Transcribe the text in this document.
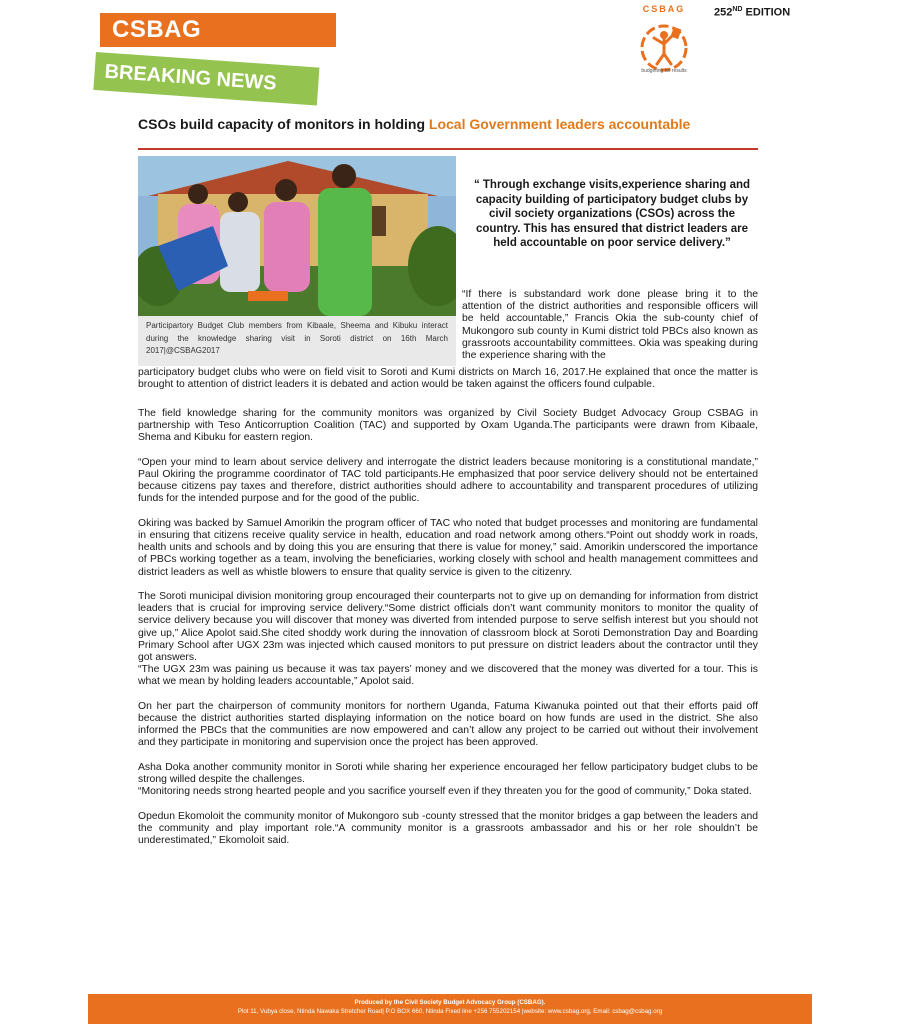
CSBAG
BREAKING NEWS
CSBAG
budgeting for results
252ND EDITION
CSOs build capacity of monitors in holding Local Government leaders accountable
Participartory Budget Club members from Kibaale, Sheema and Kibuku interact during the knowledge sharing visit in Soroti district on 16th March 2017|@CSBAG2017
“ Through exchange visits,experience sharing and capacity building of participatory budget clubs by civil society organizations (CSOs) across the country. This has ensured that district leaders are held accountable on poor service delivery.”

“If there is substandard work done please bring it to the attention of the district authorities and responsible officers will be held accountable,” Francis Okia the sub-county chief of Mukongoro sub county in Kumi district told PBCs also known as grassroots accountability committees. Okia was speaking during the experience sharing with the

participatory budget clubs who were on field visit to Soroti and Kumi districts on March 16, 2017.He explained that once the matter is brought to attention of district leaders it is debated and action would be taken against the officers found culpable.

The field knowledge sharing for the community monitors was organized by Civil Society Budget Advocacy Group CSBAG in partnership with Teso Anticorruption Coalition (TAC) and supported by Oxam Uganda.The participants were drawn from Kibaale, Shema and Kibuku for eastern region.

“Open your mind to learn about service delivery and interrogate the district leaders because monitoring is a constitutional mandate,” Paul Okiring the programme coordinator of TAC told participants.He emphasized that poor service delivery should not be entertained because citizens pay taxes and therefore, district authorities should adhere to accountability and transparent procedures of utilizing funds for the intended purpose and for the good of the public.

Okiring was backed by Samuel Amorikin the program officer of TAC who noted that budget processes and monitoring are fundamental in ensuring that citizens receive quality service in health, education and road network among others.“Point out shoddy work in roads, health units and schools and by doing this you are ensuring that there is value for money,” said. Amorikin underscored the importance of PBCs working together as a team, involving the beneficiaries, working closely with school and health management committees and district leaders as well as whistle blowers to ensure that quality service is given to the citizenry.

The Soroti municipal division monitoring group encouraged their counterparts not to give up on demanding for information from district leaders that is crucial for improving service delivery.“Some district officials don’t want community monitors to monitor the quality of service delivery because you will discover that money was diverted from intended purpose to serve selfish interest but you should not give up,” Alice Apolot said.She cited shoddy work during the innovation of classroom block at Soroti Demonstration Day and Boarding Primary School after UGX 23m was injected which caused monitors to put pressure on district leaders about the contractor until they got answers.
“The UGX 23m was paining us because it was tax payers’ money and we discovered that the money was diverted for a tour. This is what we mean by holding leaders accountable,” Apolot said.

On her part the chairperson of community monitors for northern Uganda, Fatuma Kiwanuka pointed out that their efforts paid off because the district authorities started displaying information on the notice board on how funds are used in the district. She also informed the PBCs that the communities are now empowered and can’t allow any project to be carried out without their involvement and they participate in monitoring and supervision once the project has been approved.

Asha Doka another community monitor in Soroti while sharing her experience encouraged her fellow participatory budget clubs to be strong willed despite the challenges.
“Monitoring needs strong hearted people and you sacrifice yourself even if they threaten you for the good of community,” Doka stated.

Opedun Ekomoloit the community monitor of Mukongoro sub -county stressed that the monitor bridges a gap between the leaders and the community and play important role.“A community monitor is a grassroots ambassador and his or her role shouldn’t be underestimated,” Ekomoloit said.

Produced by the Civil Society Budget Advocacy Group (CSBAG).
Plot 11, Vubya close, Ntinda Nawaka Stretcher Road| P.O BOX 660, Ntinda Fixed line +256 755202154 |website: www.csbag.org, Email: csbag@csbag.org
